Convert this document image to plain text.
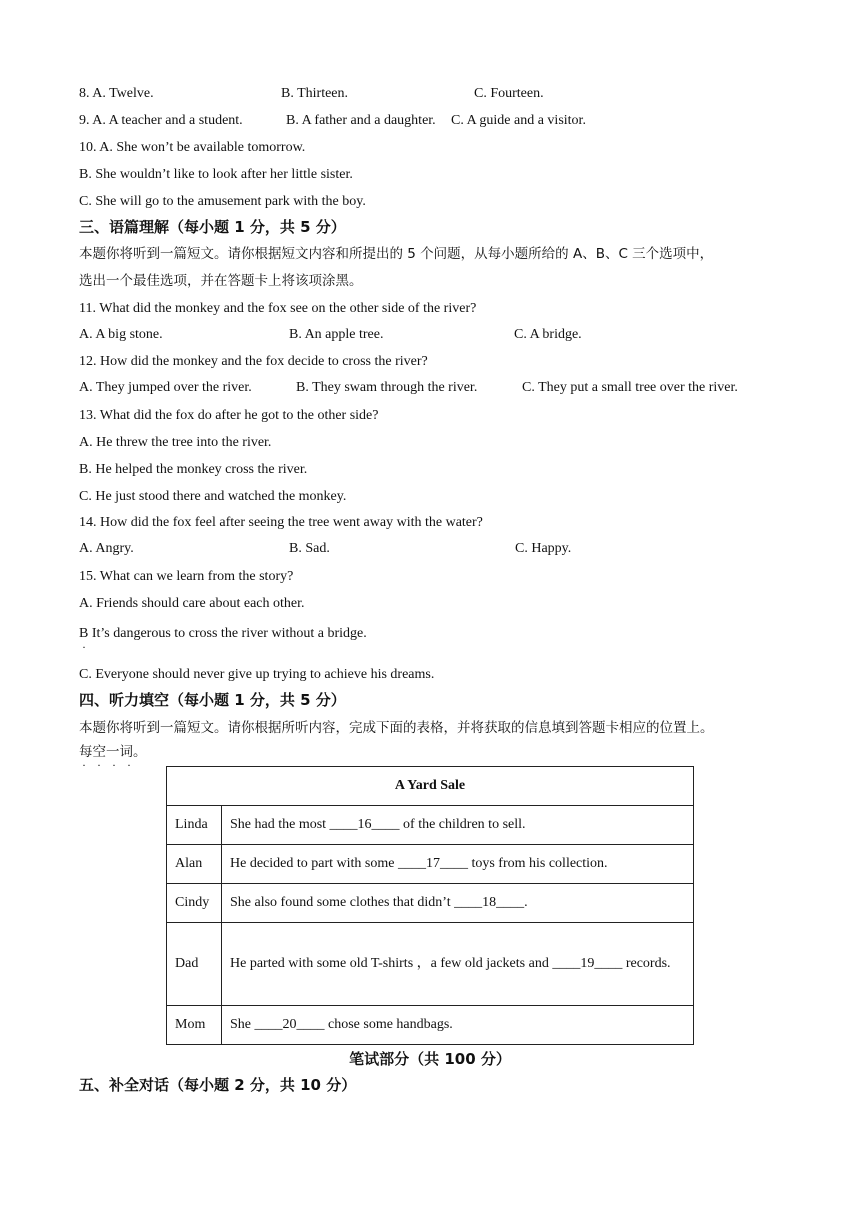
8. A. Twelve.	B. Thirteen.	C. Fourteen.
9. A. A teacher and a student.	B. A father and a daughter. C. A guide and a visitor.
10. A. She won’t be available tomorrow.
B. She wouldn’t like to look after her little sister.
C. She will go to the amusement park with the boy.
三、语篇理解（每小题 1 分，共 5 分）
本题你将听到一篇短文。请你根据短文内容和所提出的 5 个问题，从每小题所给的 A、B、C 三个选项中，
选出一个最佳选项，并在答题卡上将该项涂黑。
11. What did the monkey and the fox see on the other side of the river?
A. A big stone.	B. An apple tree.	C. A bridge.
12. How did the monkey and the fox decide to cross the river?
A. They jumped over the river.	B. They swam through the river.	C. They put a small tree over the river.
13. What did the fox do after he got to the other side?
A. He threw the tree into the river.
B. He helped the monkey cross the river.
C. He just stood there and watched the monkey.
14. How did the fox feel after seeing the tree went away with the water?
A. Angry.	B. Sad.	C. Happy.
15. What can we learn from the story?
A. Friends should care about each other.
B It’s dangerous to cross the river without a bridge.
·
C. Everyone should never give up trying to achieve his dreams.
四、听力填空（每小题 1 分，共 5 分）
本题你将听到一篇短文。请你根据所听内容，完成下面的表格，并将获取的信息填到答题卡相应的位置上。
每空一词。
····
A Yard Sale	
Linda	She had the most ____16____ of the children to sell.
Alan	He decided to part with some ____17____ toys from his collection.
Cindy	She also found some clothes that didn’t ____18____.
Dad	He parted with some old T-shirts ，a few old jackets and ____19____ records.
Mom	She ____20____ chose some handbags.
笔试部分（共 100 分）
五、补全对话（每小题 2 分，共 10 分）
